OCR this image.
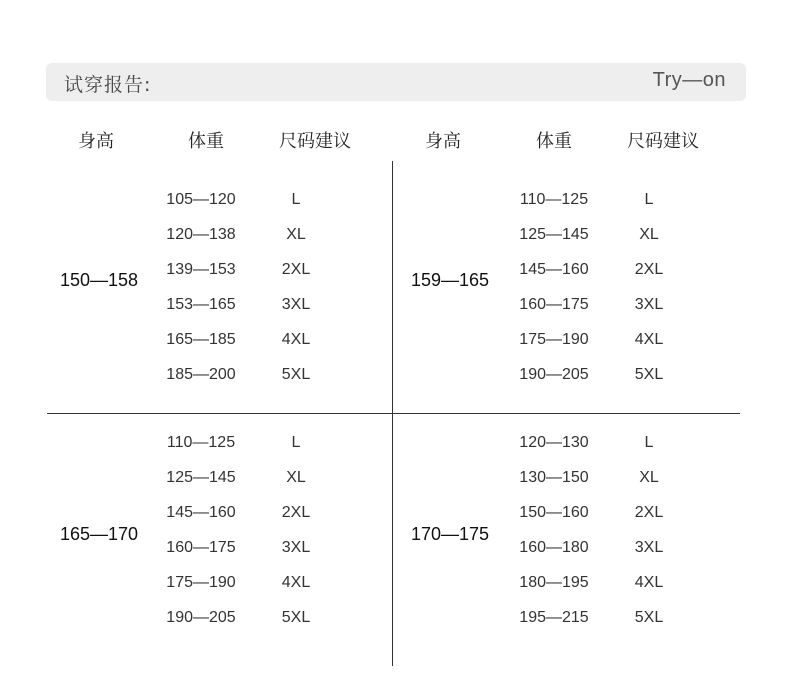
试穿报告:	Try—on
身高	体重	尺码建议	身高	体重	尺码建议
150—158
105—120	L
120—138	XL
139—153	2XL
153—165	3XL
165—185	4XL
185—200	5XL
159—165
110—125	L
125—145	XL
145—160	2XL
160—175	3XL
175—190	4XL
190—205	5XL
165—170
110—125	L
125—145	XL
145—160	2XL
160—175	3XL
175—190	4XL
190—205	5XL
170—175
120—130	L
130—150	XL
150—160	2XL
160—180	3XL
180—195	4XL
195—215	5XL
